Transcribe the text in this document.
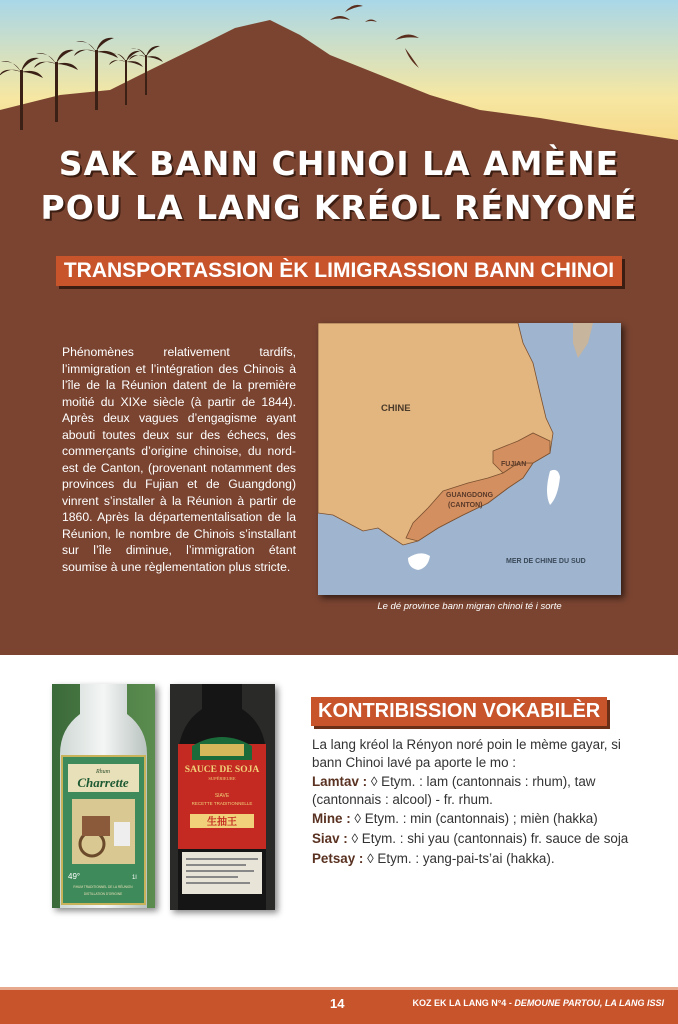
SAK BANN CHINOI LA AMÈNE
POU LA LANG KRÉOL RÉNYONÉ
TRANSPORTASSION ÈK LIMIGRASSION BANN CHINOI

Phénomènes relativement tardifs, l’immigration et l’intégration des Chinois à l’île de la Réunion datent de la première moitié du XIXe siècle (à partir de 1844). Après deux vagues d’engagisme ayant abouti toutes deux sur des échecs, des commerçants d’origine chinoise, du nord-est de Canton, (provenant notamment des provinces du Fujian et de Guangdong) vinrent s’installer à la Réunion à partir de 1860. Après la départementalisation de la Réunion, le nombre de Chinois s’installant sur l’île diminue, l’immigration étant soumise à une règlementation plus stricte.

CHINE
FUJIAN
GUANGDONG
(CANTON)
MER DE CHINE DU SUD
Le dé province bann migran chinoi té i sorte
Rhum
Charrette
49°	1l
RHUM TRADITIONNEL DE LA RÉUNION
DISTILLATION D'ORIGINE
SAUCE DE SOJA
SUPÉRIEURE
SIAVE
RECETTE TRADITIONNELLE
生抽王
KONTRIBISSION VOKABILÈR
La lang kréol la Rényon noré poin le mème gayar, si bann Chinoi lavé pa aporte le mo :
Lamtav : ◊ Etym. : lam (cantonnais : rhum), taw (cantonnais : alcool) - fr. rhum.
Mine : ◊ Etym. : min (cantonnais) ; mièn (hakka)
Siav : ◊ Etym. : shi yau (cantonnais) fr. sauce de soja
Petsay : ◊ Etym. : yang-pai-ts’ai (hakka).
14	KOZ EK LA LANG N°4 - DEMOUNE PARTOU, LA LANG ISSI
